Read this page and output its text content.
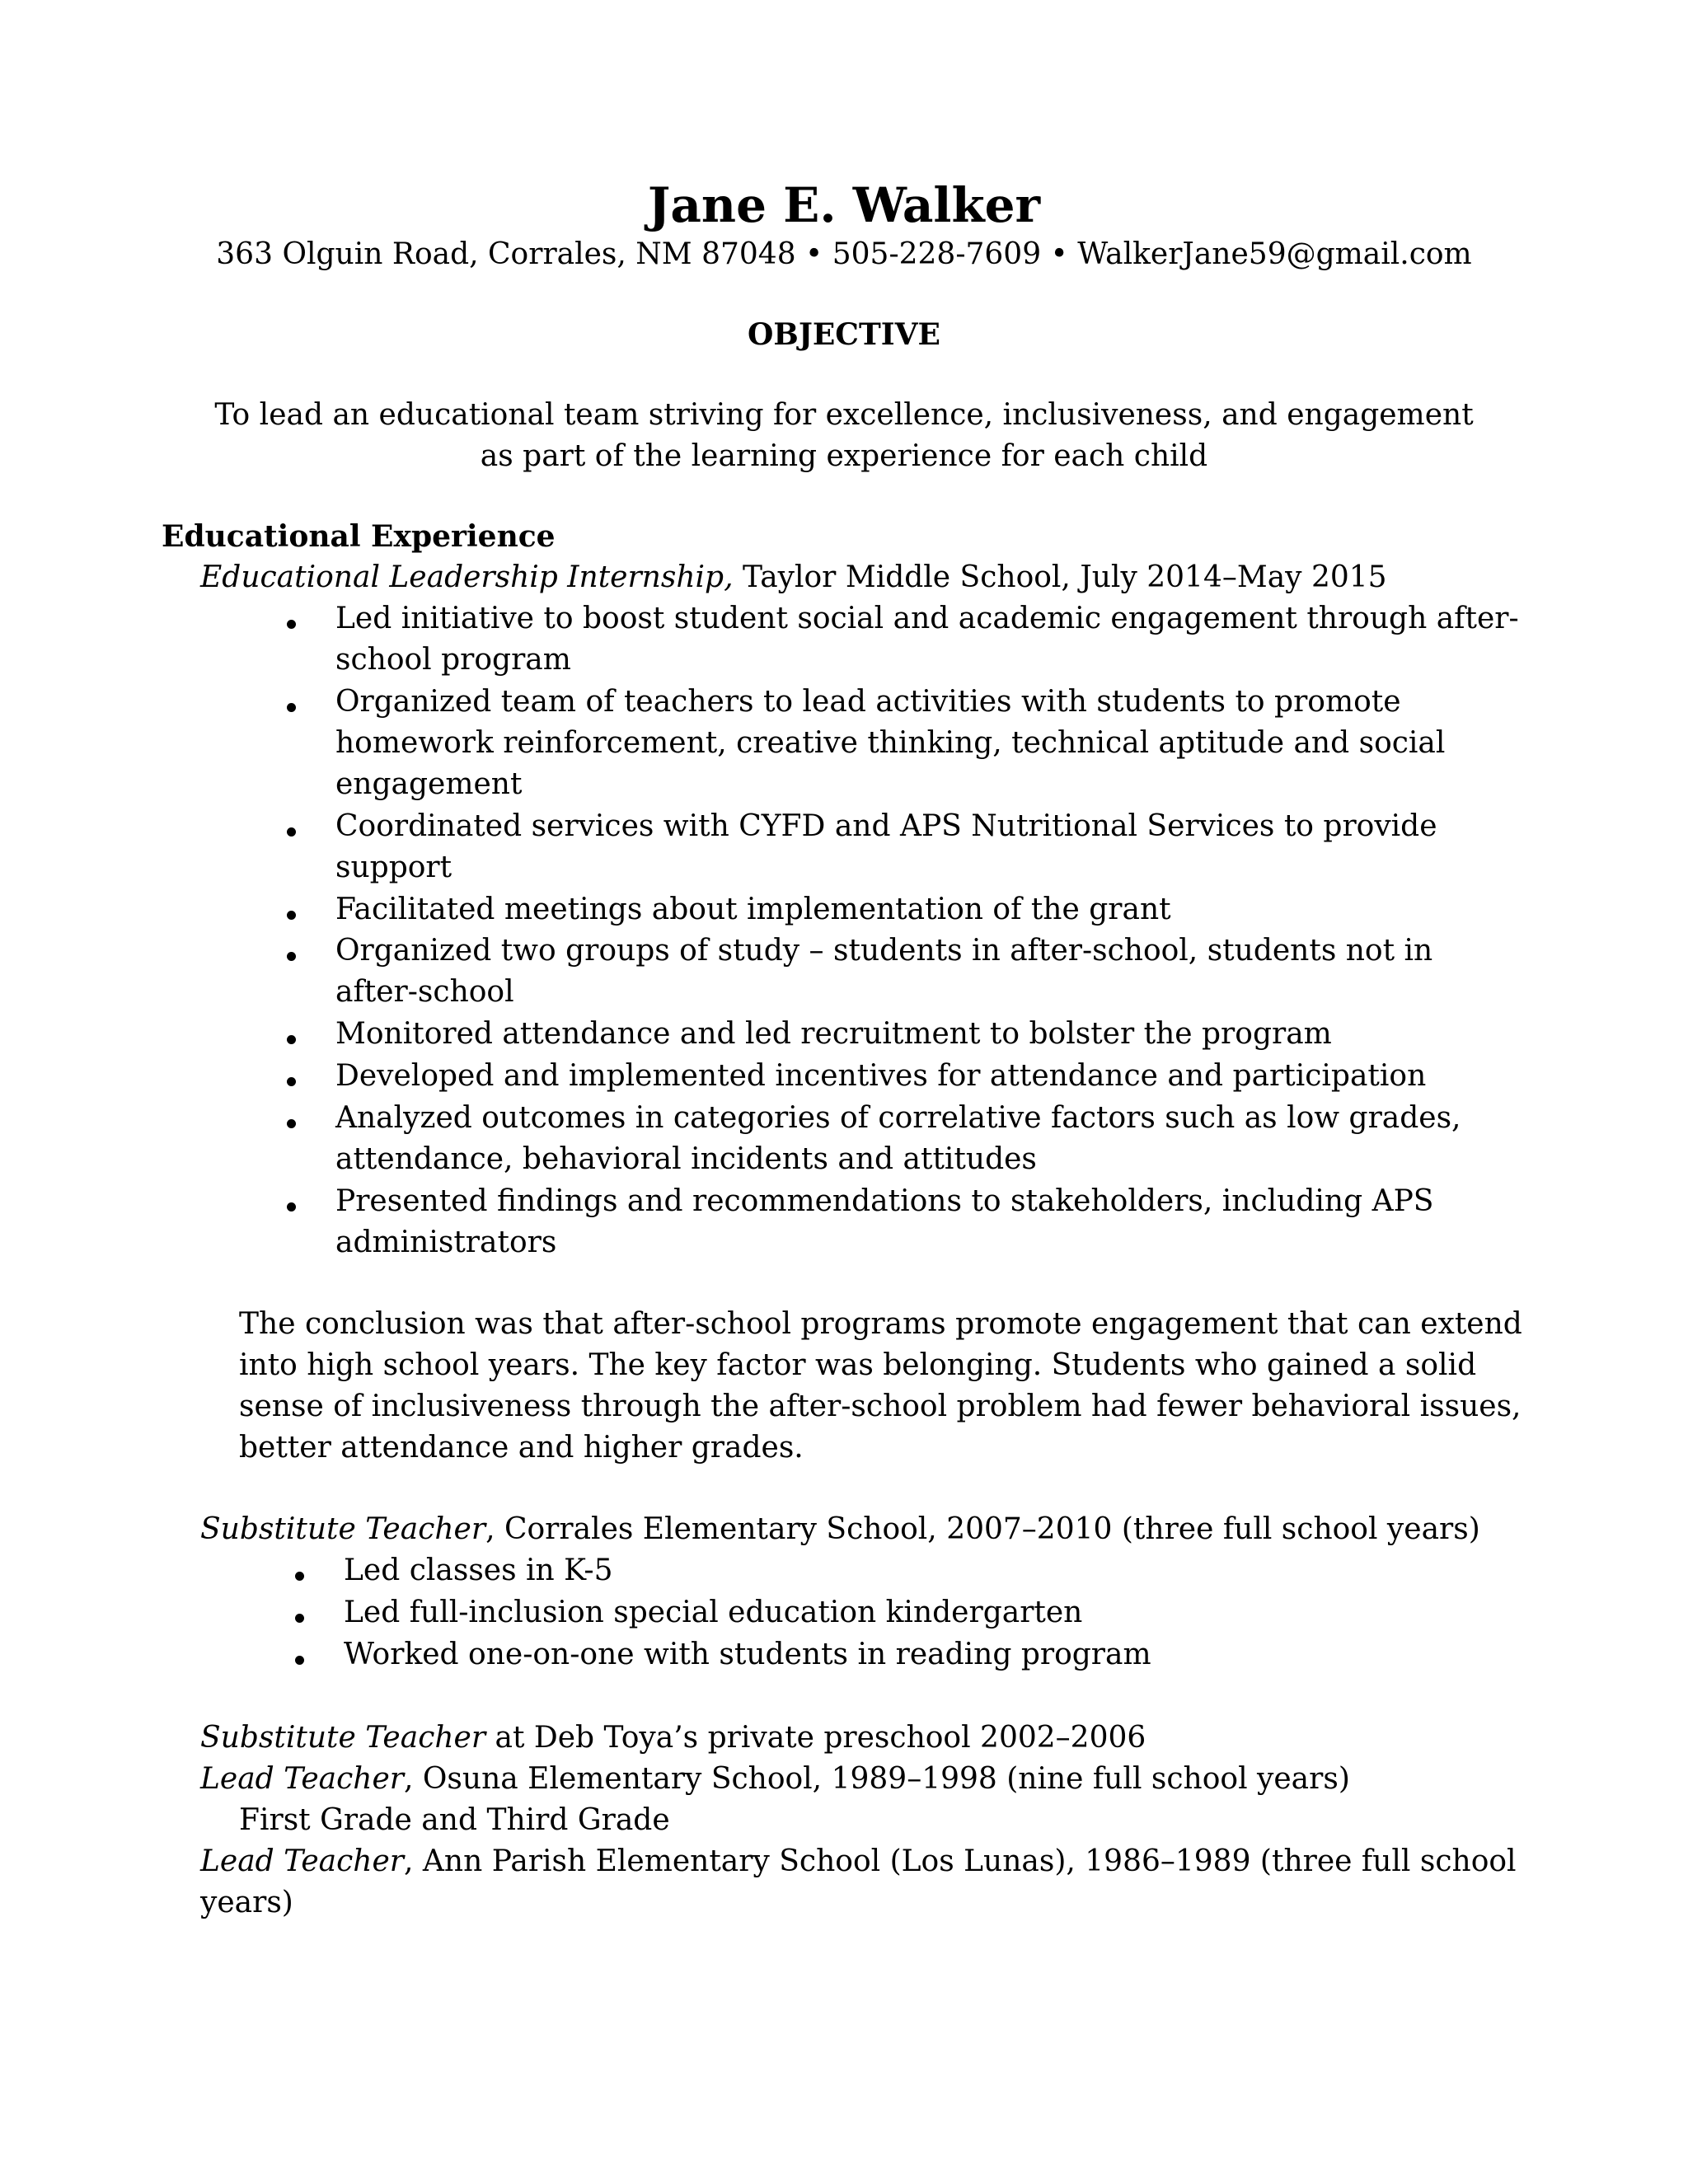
Jane E. Walker
363 Olguin Road, Corrales, NM 87048 • 505-228-7609 • WalkerJane59@gmail.com
OBJECTIVE
To lead an educational team striving for excellence, inclusiveness, and engagement
as part of the learning experience for each child
Educational Experience
Educational Leadership Internship, Taylor Middle School, July 2014–May 2015
Led initiative to boost student social and academic engagement through after-
school program
Organized team of teachers to lead activities with students to promote
homework reinforcement, creative thinking, technical aptitude and social
engagement
Coordinated services with CYFD and APS Nutritional Services to provide
support
Facilitated meetings about implementation of the grant
Organized two groups of study – students in after-school, students not in
after-school
Monitored attendance and led recruitment to bolster the program
Developed and implemented incentives for attendance and participation
Analyzed outcomes in categories of correlative factors such as low grades,
attendance, behavioral incidents and attitudes
Presented findings and recommendations to stakeholders, including APS
administrators
The conclusion was that after-school programs promote engagement that can extend
into high school years. The key factor was belonging. Students who gained a solid
sense of inclusiveness through the after-school problem had fewer behavioral issues,
better attendance and higher grades.
Substitute Teacher, Corrales Elementary School, 2007–2010 (three full school years)
Led classes in K-5
Led full-inclusion special education kindergarten
Worked one-on-one with students in reading program
Substitute Teacher at Deb Toya’s private preschool 2002–2006
Lead Teacher, Osuna Elementary School, 1989–1998 (nine full school years)
First Grade and Third Grade
Lead Teacher, Ann Parish Elementary School (Los Lunas), 1986–1989 (three full school
years)
